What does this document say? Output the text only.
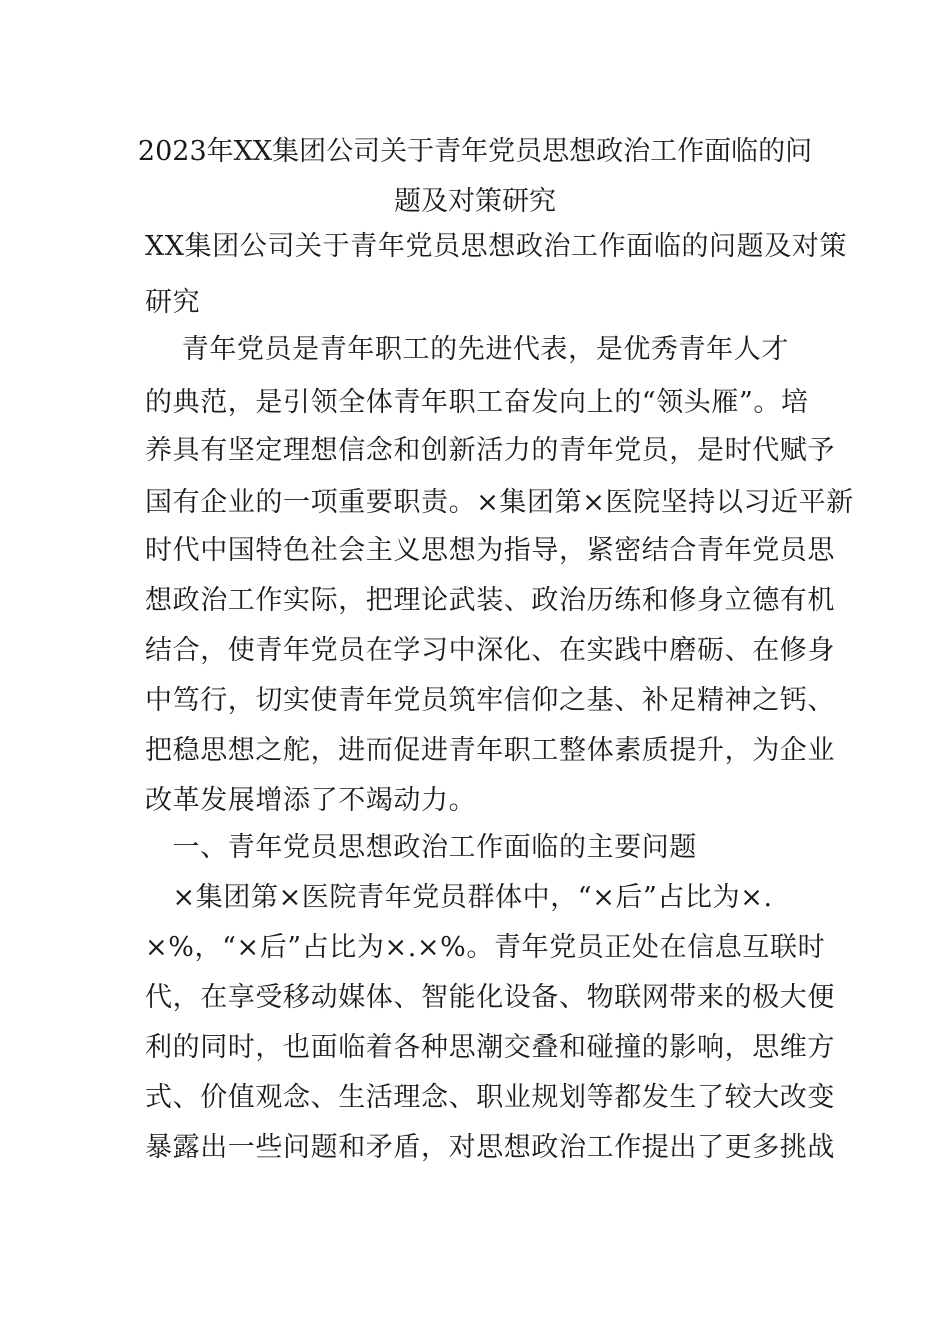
2023年XX集团公司关于青年党员思想政治工作面临的问
题及对策研究
XX集团公司关于青年党员思想政治工作面临的问题及对策
研究
青年党员是青年职工的先进代表，是优秀青年人才
的典范，是引领全体青年职工奋发向上的“领头雁”。培
养具有坚定理想信念和创新活力的青年党员，是时代赋予
国有企业的一项重要职责。×集团第×医院坚持以习近平新
时代中国特色社会主义思想为指导，紧密结合青年党员思
想政治工作实际，把理论武装、政治历练和修身立德有机
结合，使青年党员在学习中深化、在实践中磨砺、在修身
中笃行，切实使青年党员筑牢信仰之基、补足精神之钙、
把稳思想之舵，进而促进青年职工整体素质提升，为企业
改革发展增添了不竭动力。
一、青年党员思想政治工作面临的主要问题
×集团第×医院青年党员群体中，“×后”占比为×.
×%，“×后”占比为×.×%。青年党员正处在信息互联时
代，在享受移动媒体、智能化设备、物联网带来的极大便
利的同时，也面临着各种思潮交叠和碰撞的影响，思维方
式、价值观念、生活理念、职业规划等都发生了较大改变
暴露出一些问题和矛盾，对思想政治工作提出了更多挑战
